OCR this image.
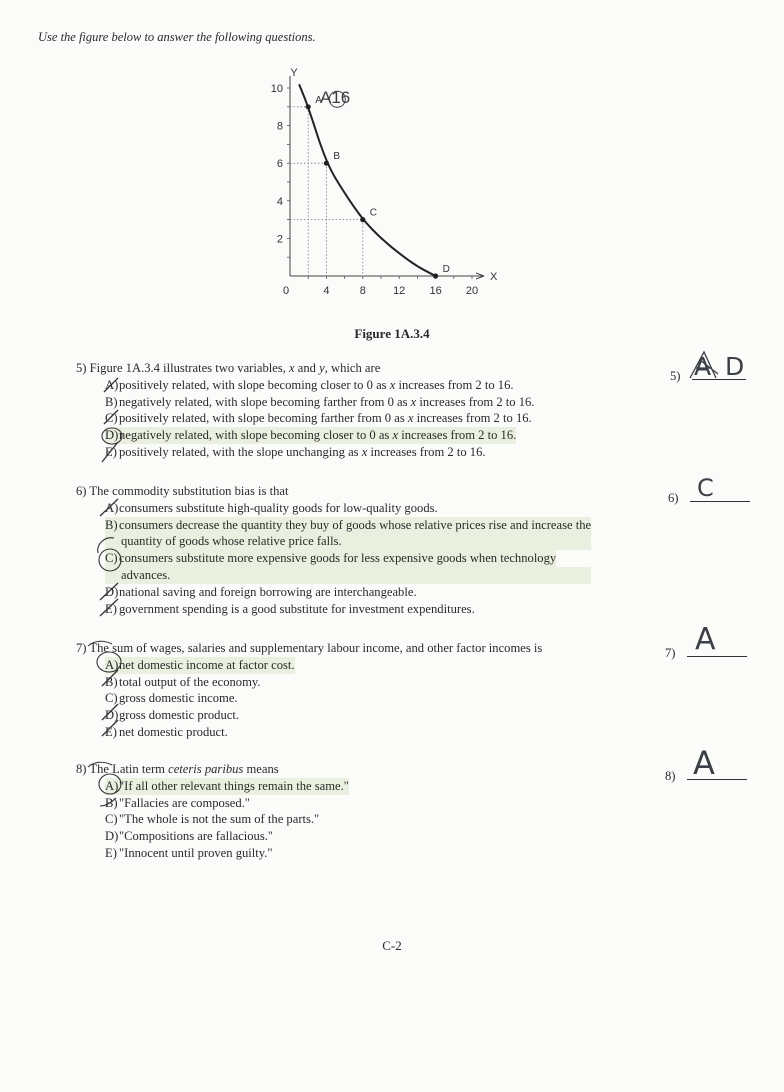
Use the figure below to answer the following questions.
X
Y
0	4	8 12 16 20
2
4
6
8
10
A
B
C
D
A16
Figure 1A.3.4
5) Figure 1A.3.4 illustrates two variables, x and y, which are
A) positively related, with slope becoming closer to 0 as x increases from 2 to 16.
B) negatively related, with slope becoming farther from 0 as x increases from 2 to 16.
C) positively related, with slope becoming farther from 0 as x increases from 2 to 16.
D) negatively related, with slope becoming closer to 0 as x increases from 2 to 16.
E) positively related, with the slope unchanging as x increases from 2 to 16.
5) A D
6) The commodity substitution bias is that
A) consumers substitute high-quality goods for low-quality goods.
B) consumers decrease the quantity they buy of goods whose relative prices rise and increase the
quantity of goods whose relative price falls.
C) consumers substitute more expensive goods for less expensive goods when technology
advances.
D) national saving and foreign borrowing are interchangeable.
E) government spending is a good substitute for investment expenditures.
6) C
7) The sum of wages, salaries and supplementary labour income, and other factor incomes is
A) net domestic income at factor cost.
B) total output of the economy.
C) gross domestic income.
D) gross domestic product.
E) net domestic product.
7) A
8) The Latin term ceteris paribus means
A) "If all other relevant things remain the same."
B) "Fallacies are composed."
C) "The whole is not the sum of the parts."
D) "Compositions are fallacious."
E) "Innocent until proven guilty."
8) A
C-2
